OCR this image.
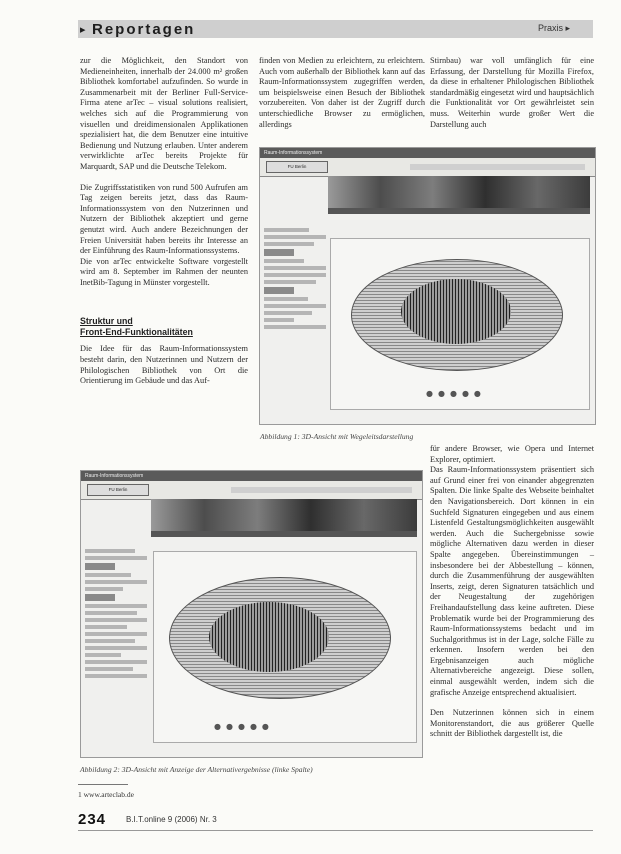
▸ Reportagen	Praxis ▸

zur die Möglichkeit, den Standort von Medieneinheiten, innerhalb der 24.000 m² großen Bibliothek komfortabel aufzufinden. So wurde in Zusammenarbeit mit der Berliner Full-Service-Firma atene arTec – visual solutions realisiert, welches sich auf die Programmierung von visuellen und dreidimensionalen Applikationen spezialisiert hat, die dem Benutzer eine intuitive Bedienung und Nutzung erlauben. Unter anderem verwirklichte arTec bereits Projekte für Marquardt, SAP und die Deutsche Telekom.

Die Zugriffsstatistiken von rund 500 Aufrufen am Tag zeigen bereits jetzt, dass das Raum-Informationssystem von den Nutzerinnen und Nutzern der Bibliothek akzeptiert und gerne genutzt wird. Auch andere Bezeichnungen der Freien Universität haben bereits ihr Interesse an der Einführung des Raum-Informationssystems.

Die von arTec entwickelte Software vorgestellt wird am 8. September im Rahmen der neunten InetBib-Tagung in Münster vorgestellt.

Struktur und
Front-End-Funktionalitäten

Die Idee für das Raum-Informationssystem besteht darin, den Nutzerinnen und Nutzern der Philologischen Bibliothek von Ort die Orientierung im Gebäude und das Auf-

finden von Medien zu erleichtern, zu erleichtern. Auch vom außerhalb der Bibliothek kann auf das Raum-Informationssystem zugegriffen werden, um beispielsweise einen Besuch der Bibliothek vorzubereiten. Von daher ist der Zugriff durch unterschiedliche Browser zu ermöglichen, allerdings

Stirnbau) war voll umfänglich für eine Erfassung, der Darstellung für Mozilla Firefox, da diese in erhaltener Philologischen Bibliothek standardmäßig eingesetzt wird und hauptsächlich die Funktionalität vor Ort gewährleistet sein muss. Weiterhin wurde großer Wert die Darstellung auch

Raum-Informationssystem
FU Berlin
●●●●●
Abbildung 1: 3D-Ansicht mit Wegeleitsdarstellung
Raum-Informationssystem
FU Berlin
●●●●●
Abbildung 2: 3D-Ansicht mit Anzeige der Alternativergebnisse (linke Spalte)

für andere Browser, wie Opera und Internet Explorer, optimiert.

Das Raum-Informationssystem präsentiert sich auf Grund einer frei von einander abgegrenzten Spalten. Die linke Spalte des Webseite beinhaltet den Navigationsbereich. Dort können in ein Suchfeld Signaturen eingegeben und aus einem Listenfeld Gestaltungsmöglichkeiten ausgewählt werden. Auch die Suchergebnisse sowie mögliche Alternativen dazu werden in dieser Spalte angegeben. Übereinstimmungen – insbesondere bei der Abbestellung – können, durch die Zusammenführung der ausgewählten Inserts, zeigt, deren Signaturen tatsächlich und der Neugestaltung der zugehörigen Freihandaufstellung dass keine auftreten. Diese Problematik wurde bei der Programmierung des Raum-Informationssystems bedacht und im Suchalgorithmus ist in der Lage, solche Fälle zu erkennen. Insofern werden bei den Ergebnisanzeigen auch mögliche Alternativbereiche angezeigt. Diese sollen, einmal ausgewählt werden, indem sich die grafische Anzeige entsprechend aktualisiert.

Den Nutzerinnen können sich in einem Monitorenstandort, die aus größerer Quelle schnitt der Bibliothek dargestellt ist, die

1 www.arteclab.de
234 B.I.T.online 9 (2006) Nr. 3
